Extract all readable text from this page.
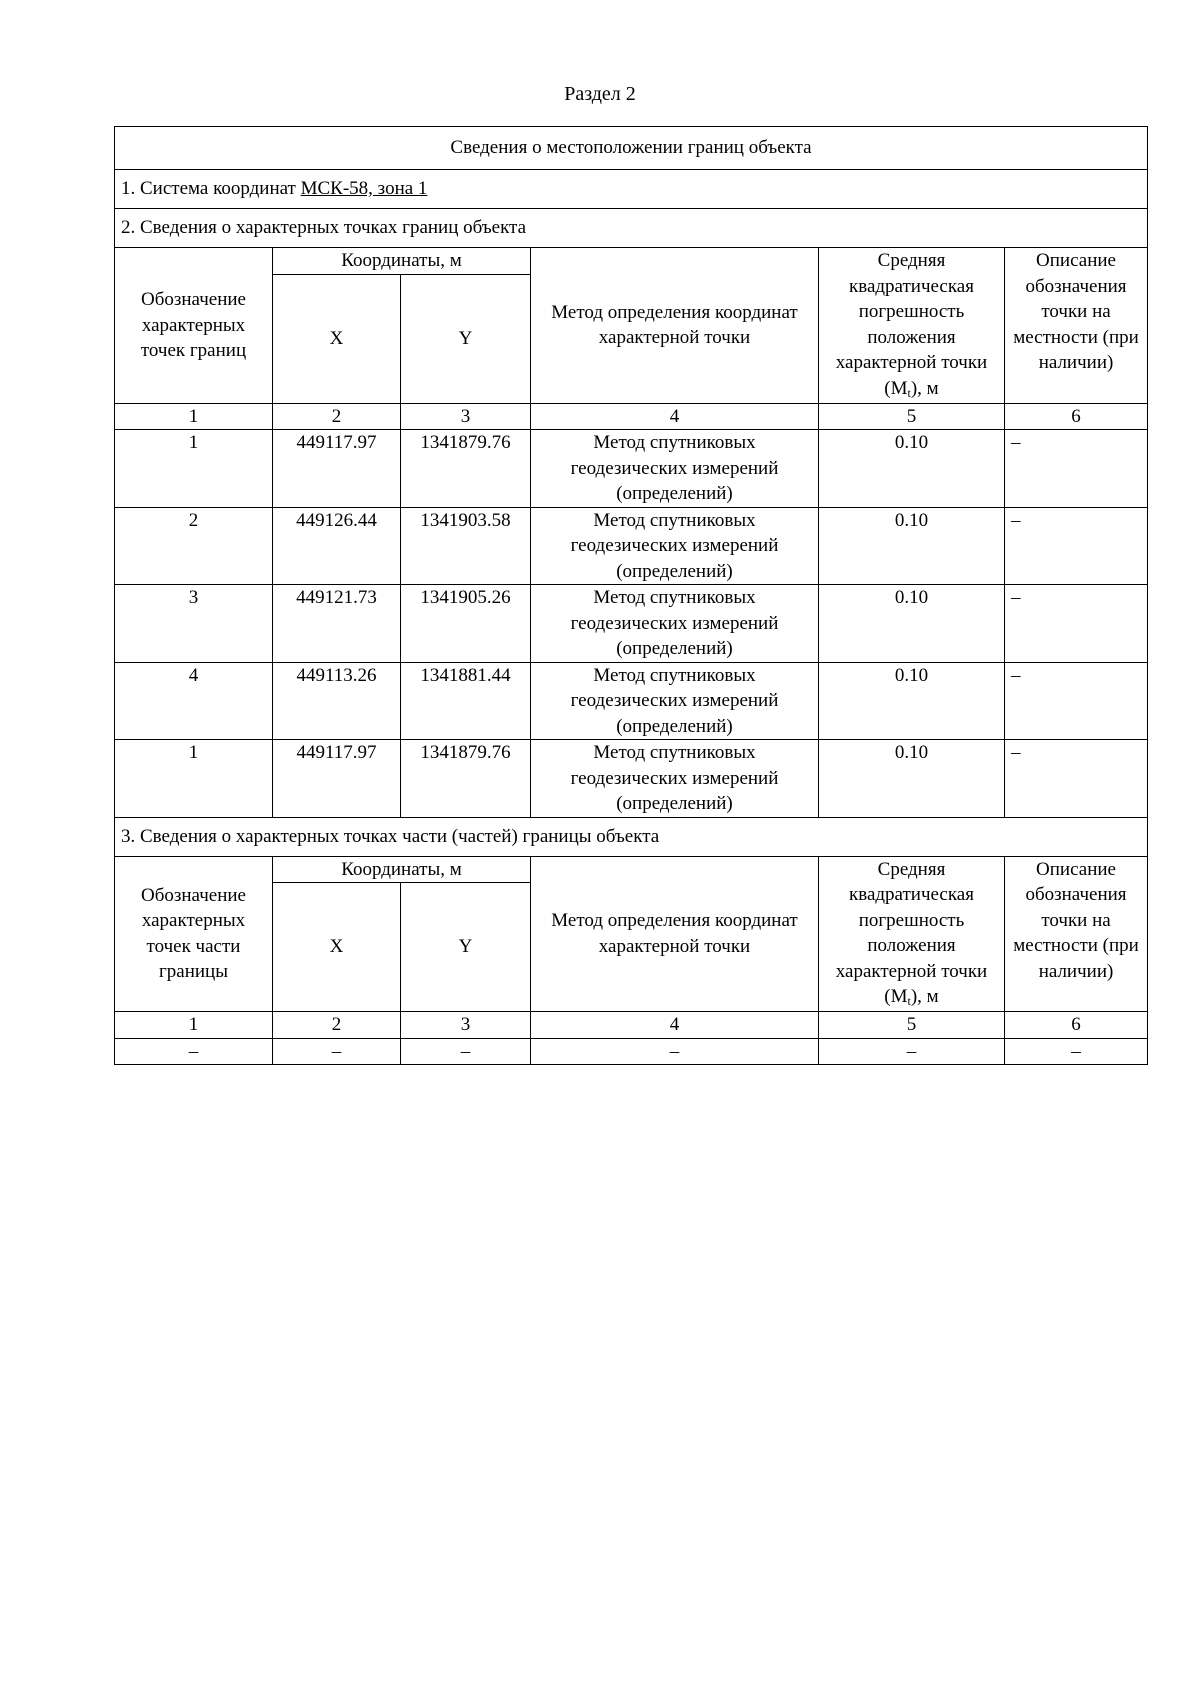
Раздел 2
Сведения о местоположении границ объекта					
1. Система координат МСК-58, зона 1					
2. Сведения о характерных точках границ объекта					
Обозначение характерных точек границ	Координаты, м		Метод определения координат характерной точки	Средняя квадратическая погрешность положения характерной точки $(M_t)$, м	Описание обозначения точки на местности (при наличии)
	X	Y			
1	2	3	4	5	6
1	449117.97	1341879.76	Метод спутниковых геодезических измерений (определений)	0.10	–
2	449126.44	1341903.58	Метод спутниковых геодезических измерений (определений)	0.10	–
3	449121.73	1341905.26	Метод спутниковых геодезических измерений (определений)	0.10	–
4	449113.26	1341881.44	Метод спутниковых геодезических измерений (определений)	0.10	–
1	449117.97	1341879.76	Метод спутниковых геодезических измерений (определений)	0.10	–
3. Сведения о характерных точках части (частей) границы объекта					
Обозначение характерных точек части границы	Координаты, м		Метод определения координат характерной точки	Средняя квадратическая погрешность положения характерной точки $(M_t)$, м	Описание обозначения точки на местности (при наличии)
	X	Y			
1	2	3	4	5	6
–	–	–	–	–	–
